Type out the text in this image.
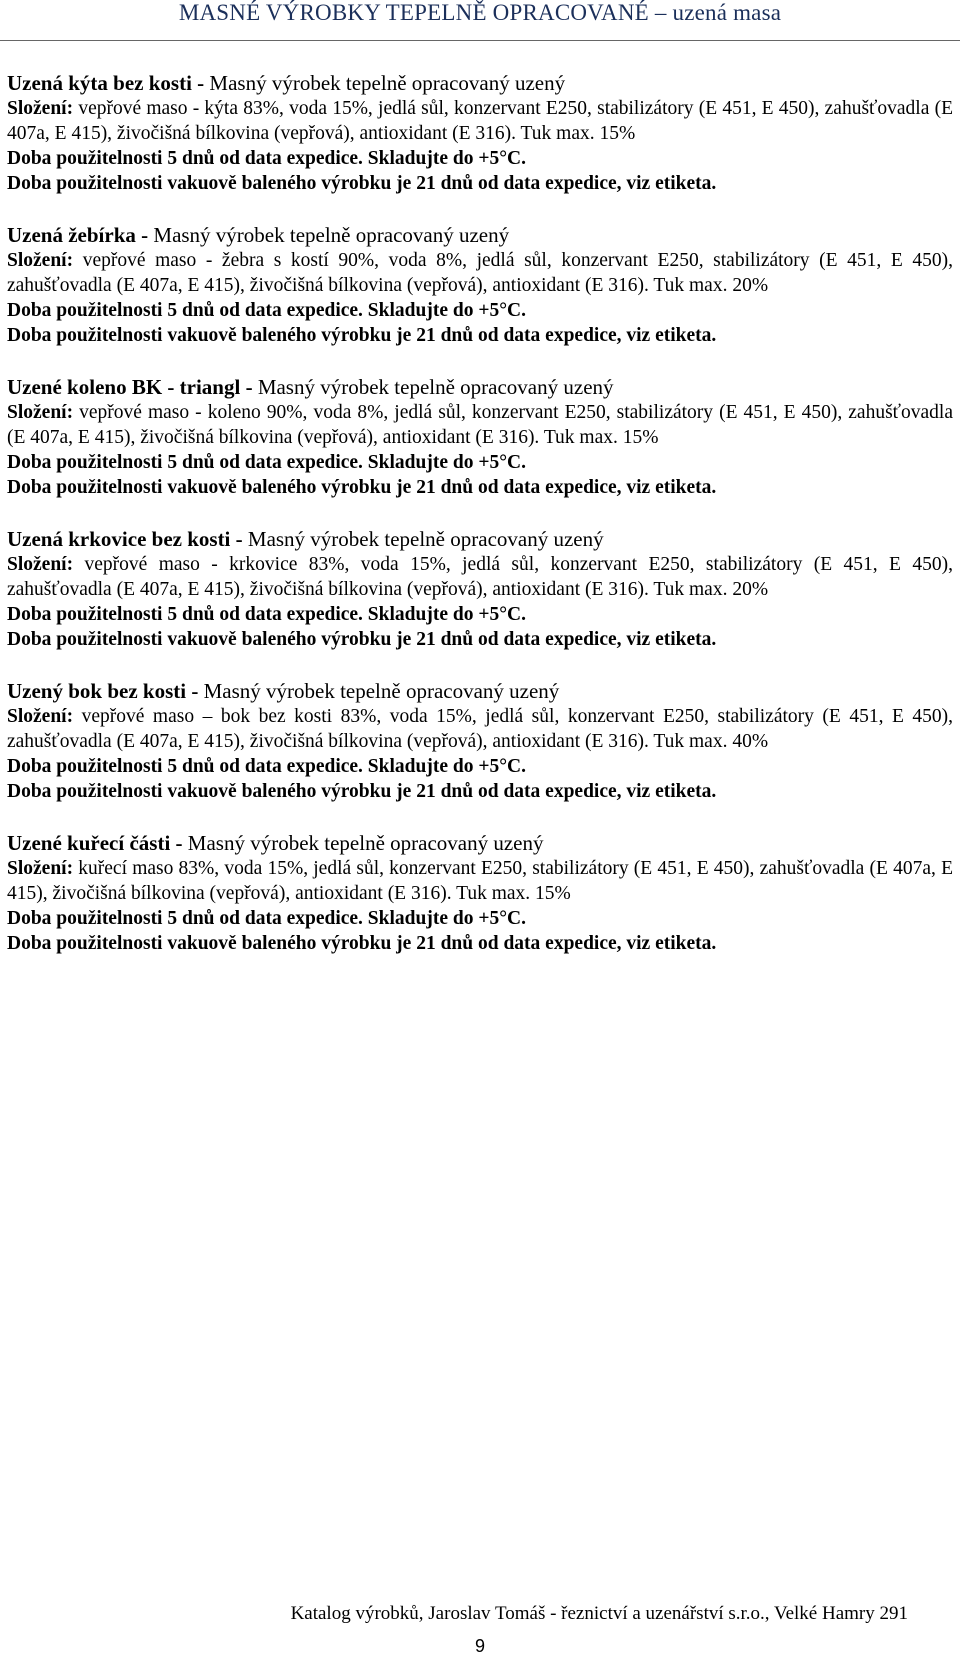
MASNÉ VÝROBKY TEPELNĚ OPRACOVANÉ – uzená masa
Uzená kýta bez kosti - Masný výrobek tepelně opracovaný uzený
Složení: vepřové maso - kýta 83%, voda 15%, jedlá sůl, konzervant E250, stabilizátory (E 451, E 450), zahušťovadla (E 407a, E 415), živočišná bílkovina (vepřová), antioxidant (E 316). Tuk max. 15%
Doba použitelnosti 5 dnů od data expedice. Skladujte do +5°C.
Doba použitelnosti vakuově baleného výrobku je 21 dnů od data expedice, viz etiketa.
Uzená žebírka - Masný výrobek tepelně opracovaný uzený
Složení: vepřové maso - žebra s kostí 90%, voda 8%, jedlá sůl, konzervant E250, stabilizátory (E 451, E 450), zahušťovadla (E 407a, E 415), živočišná bílkovina (vepřová), antioxidant (E 316). Tuk max. 20%
Doba použitelnosti 5 dnů od data expedice. Skladujte do +5°C.
Doba použitelnosti vakuově baleného výrobku je 21 dnů od data expedice, viz etiketa.
Uzené koleno BK - triangl - Masný výrobek tepelně opracovaný uzený
Složení: vepřové maso - koleno 90%, voda 8%, jedlá sůl, konzervant E250, stabilizátory (E 451, E 450), zahušťovadla (E 407a, E 415), živočišná bílkovina (vepřová), antioxidant (E 316). Tuk max. 15%
Doba použitelnosti 5 dnů od data expedice. Skladujte do +5°C.
Doba použitelnosti vakuově baleného výrobku je 21 dnů od data expedice, viz etiketa.
Uzená krkovice bez kosti - Masný výrobek tepelně opracovaný uzený
Složení: vepřové maso - krkovice 83%, voda 15%, jedlá sůl, konzervant E250, stabilizátory (E 451, E 450), zahušťovadla (E 407a, E 415), živočišná bílkovina (vepřová), antioxidant (E 316). Tuk max. 20%
Doba použitelnosti 5 dnů od data expedice. Skladujte do +5°C.
Doba použitelnosti vakuově baleného výrobku je 21 dnů od data expedice, viz etiketa.
Uzený bok bez kosti - Masný výrobek tepelně opracovaný uzený
Složení: vepřové maso – bok bez kosti 83%, voda 15%, jedlá sůl, konzervant E250, stabilizátory (E 451, E 450), zahušťovadla (E 407a, E 415), živočišná bílkovina (vepřová), antioxidant (E 316). Tuk max. 40%
Doba použitelnosti 5 dnů od data expedice. Skladujte do +5°C.
Doba použitelnosti vakuově baleného výrobku je 21 dnů od data expedice, viz etiketa.
Uzené kuřecí části - Masný výrobek tepelně opracovaný uzený
Složení: kuřecí maso 83%, voda 15%, jedlá sůl, konzervant E250, stabilizátory (E 451, E 450), zahušťovadla (E 407a, E 415), živočišná bílkovina (vepřová), antioxidant (E 316). Tuk max. 15%
Doba použitelnosti 5 dnů od data expedice. Skladujte do +5°C.
Doba použitelnosti vakuově baleného výrobku je 21 dnů od data expedice, viz etiketa.
Katalog výrobků, Jaroslav Tomáš - řeznictví a uzenářství s.r.o., Velké Hamry 291
9
